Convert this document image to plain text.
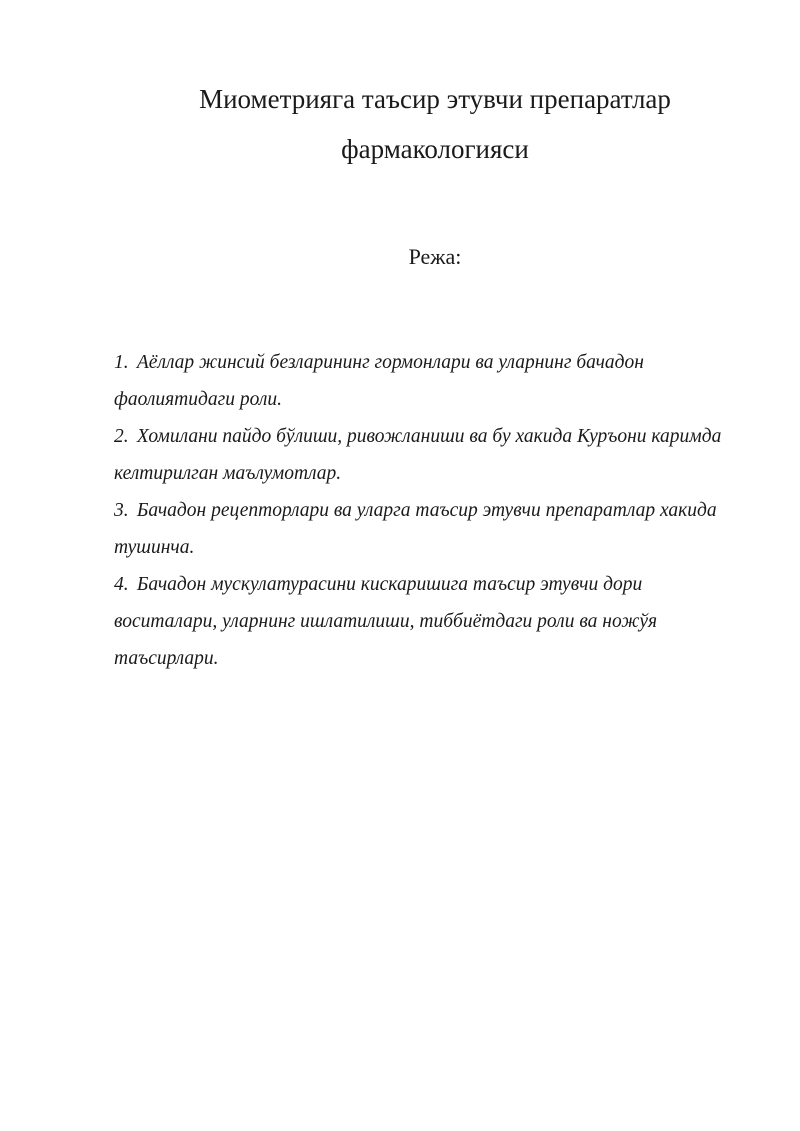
Миометрияга таъсир этувчи препаратлар
фармакологияси

Режа:

1. Аёллар жинсий безларининг гормонлари ва уларнинг бачадон фаолиятидаги роли.
2. Хомилани пайдо бўлиши, ривожланиши ва бу хакида Куръони каримда келтирилган маълумотлар.
3. Бачадон рецепторлари ва уларга таъсир этувчи препаратлар хакида тушинча.
4. Бачадон мускулатурасини кискаришига таъсир этувчи дори воситалари, уларнинг ишлатилиши, тиббиётдаги роли ва ножўя таъсирлари.
